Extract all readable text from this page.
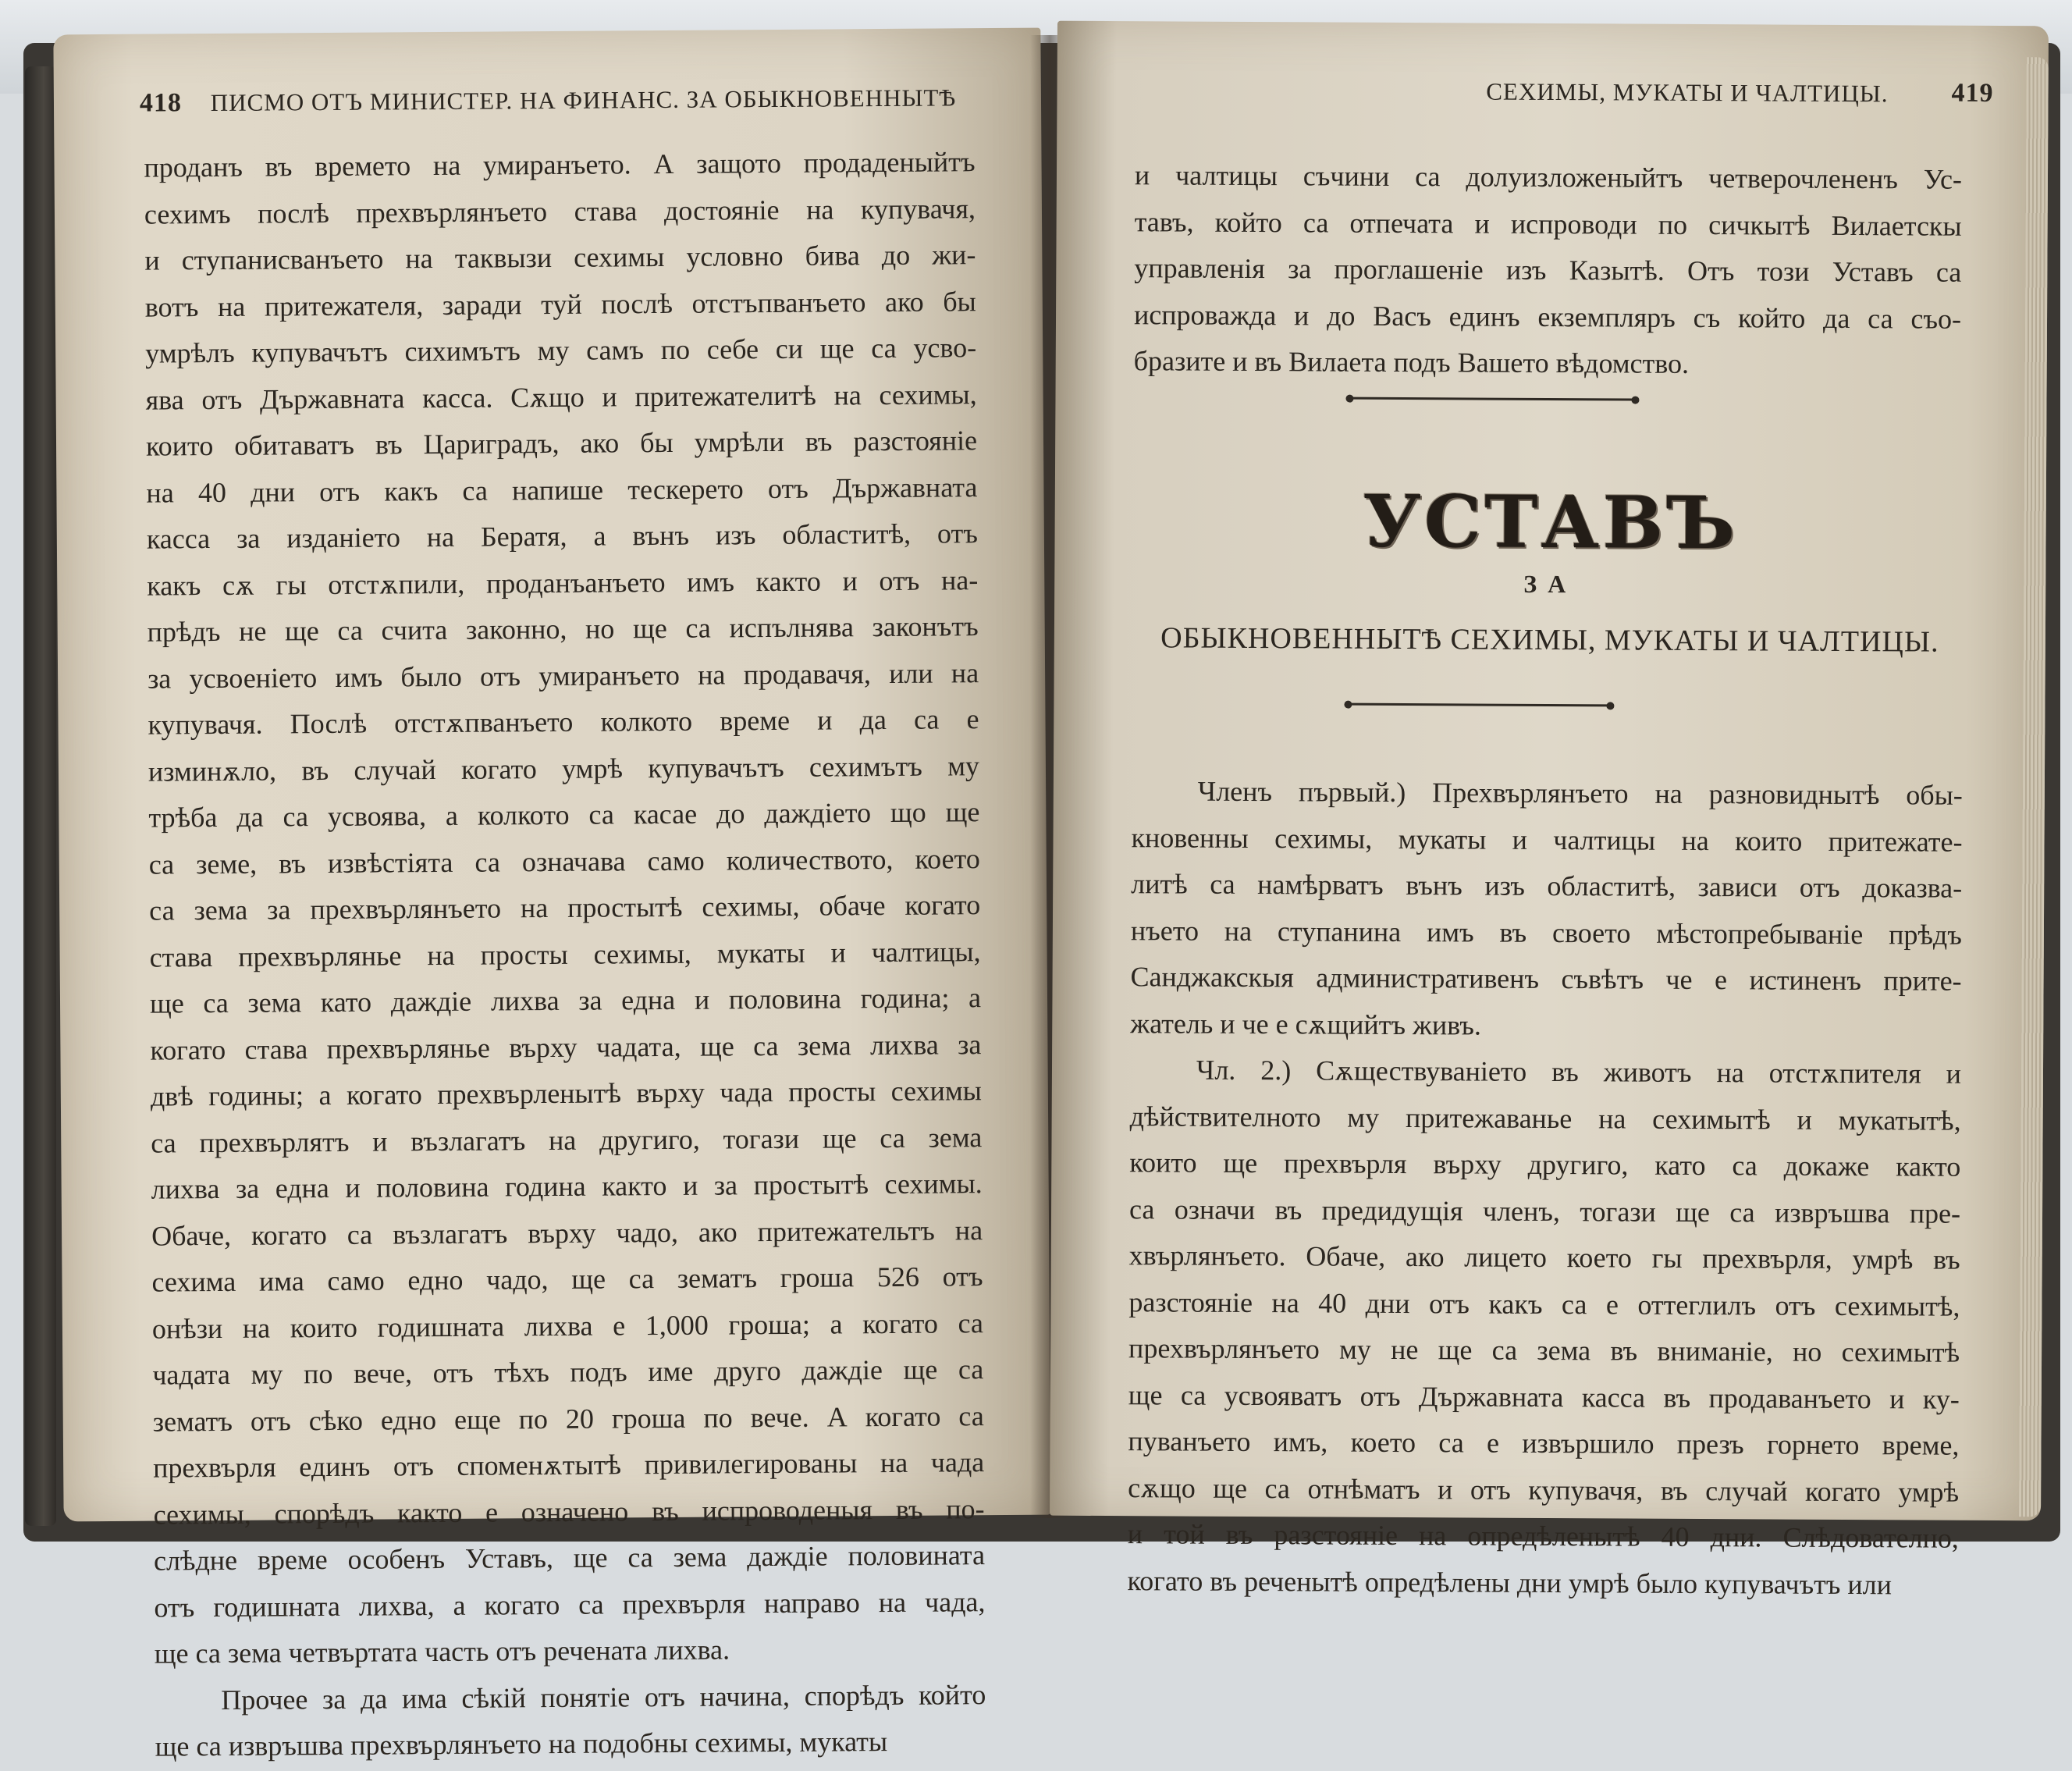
418 ПИСМО ОТЪ МИНИСТЕР. НА ФИНАНС. ЗА ОБЫКНОВЕННЫТѢ
проданъ въ времето на умиранъето. А защото продаденыйтъ
сехимъ послѣ прехвърлянъето става достояніе на купувачя,
и ступанисванъето на таквызи сехимы условно бива до жи-
вотъ на притежателя, заради туй послѣ отстъпванъето ако бы
умрѣлъ купувачътъ сихимътъ му самъ по себе си ще са усво-
ява отъ Държавната касса. Сѫщо и притежателитѣ на сехимы,
които обитаватъ въ Цариградъ, ако бы умрѣли въ разстояніе
на 40 дни отъ какъ са напише тескерето отъ Държавната
касса за изданіето на Бератя, а вънъ изъ областитѣ, отъ
какъ сѫ гы отстѫпили, проданъанъето имъ както и отъ на-
прѣдъ не ще са счита законно, но ще са испълнява законътъ
за усвоеніето имъ было отъ умиранъето на продавачя, или на
купувачя. Послѣ отстѫпванъето колкото време и да са е
изминѫло, въ случай когато умрѣ купувачътъ сехимътъ му
трѣба да са усвоява, а колкото са касае до даждіето що ще
са земе, въ извѣстіята са означава само количеството, което
са зема за прехвърлянъето на простытѣ сехимы, обаче когато
става прехвърлянье на просты сехимы, мукаты и чалтицы,
ще са зема като даждіе лихва за една и половина година; а
когато става прехвърлянье върху чадата, ще са зема лихва за
двѣ годины; а когато прехвърленытѣ върху чада просты сехимы
са прехвърлятъ и възлагатъ на другиго, тогази ще са зема
лихва за една и половина година както и за простытѣ сехимы.
Обаче, когато са възлагатъ върху чадо, ако притежательтъ на
сехима има само едно чадо, ще са зематъ гроша 526 отъ
онѣзи на които годишната лихва е 1,000 гроша; а когато са
чадата му по вече, отъ тѣхъ подъ име друго даждіе ще са
зематъ отъ сѣко едно еще по 20 гроша по вече. А когато са
прехвърля единъ отъ споменѫтытѣ привилегированы на чада
сехимы, спорѣдъ както е означено въ испроводеныя въ по-
слѣдне време особенъ Уставъ, ще са зема даждіе половината
отъ годишната лихва, а когато са прехвърля направо на чада,
ще са зема четвъртата часть отъ реченатa лихва.
Прочее за да има сѣкій понятіе отъ начина, спорѣдъ който
ще са извръшва прехвърлянъето на подобны сехимы, мукаты
СЕХИМЫ, МУКАТЫ И ЧАЛТИЦЫ. 419
и чалтицы съчини са долуизложеныйтъ четверочлененъ Ус-
тавъ, който са отпечата и испроводи по сичкытѣ Вилаетскы
управленія за проглашеніе изъ Казытѣ. Отъ този Уставъ са
испроважда и до Васъ единъ екземпляръ съ който да са съо-
бразите и въ Вилаета подъ Вашето вѣдомство.
УСТАВЪ
ЗА
ОБЫКНОВЕННЫТѢ СЕХИМЫ, МУКАТЫ И ЧАЛТИЦЫ.
Членъ първый.) Прехвърлянъето на разновиднытѣ обы-
кновенны сехимы, мукаты и чалтицы на които притежате-
литѣ са намѣрватъ вънъ изъ областитѣ, зависи отъ доказва-
нъето на ступанина имъ въ своето мѣстопребываніе прѣдъ
Санджакскыя административенъ съвѣтъ че е истиненъ прите-
жатель и че е сѫщийтъ живъ.
Чл. 2.) Сѫществуваніето въ животъ на отстѫпителя и
дѣйствителното му притежаванье на сехимытѣ и мукатытѣ,
които ще прехвърля върху другиго, като са докаже както
са означи въ предидущія членъ, тогази ще са извръшва пре-
хвърлянъето. Обаче, ако лицето което гы прехвърля, умрѣ въ
разстояніе на 40 дни отъ какъ са е оттеглилъ отъ сехимытѣ,
прехвърлянъето му не ще са зема въ вниманіе, но сехимытѣ
ще са усвояватъ отъ Държавната касса въ продаванъето и ку-
пуванъето имъ, което са е извършило презъ горнето време,
сѫщо ще са отнѣматъ и отъ купувачя, въ случай когато умрѣ
и той въ разстояніе на опредѣленытѣ 40 дни. Слѣдователно,
когато въ реченытѣ опредѣлены дни умрѣ было купувачътъ или
